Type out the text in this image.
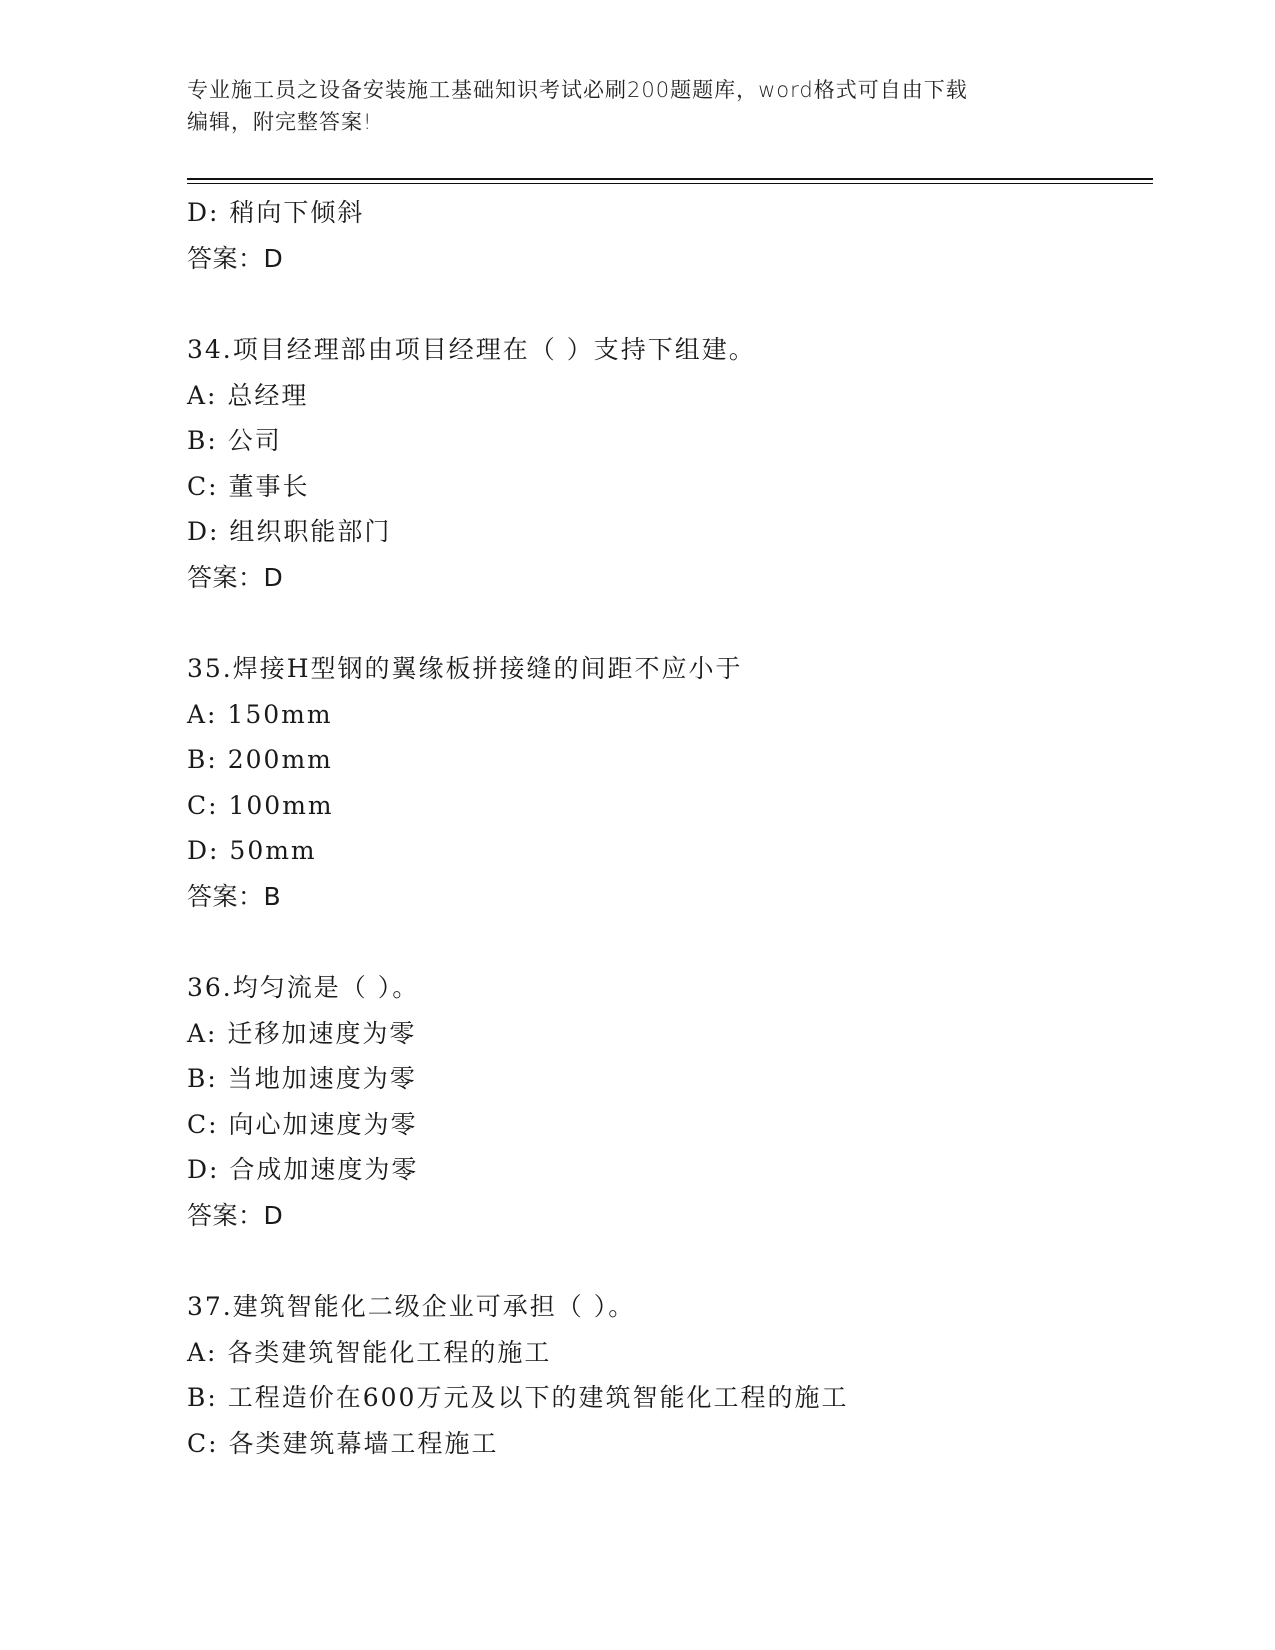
专业施工员之设备安装施工基础知识考试必刷200题题库，word格式可自由下载
编辑，附完整答案!
D: 稍向下倾斜
答案：D
34.项目经理部由项目经理在（ ）支持下组建。
A: 总经理
B: 公司
C: 董事长
D: 组织职能部门
答案：D
35.焊接H型钢的翼缘板拼接缝的间距不应小于
A: 150mm
B: 200mm
C: 100mm
D: 50mm
答案：B
36.均匀流是（ ）。
A: 迁移加速度为零
B: 当地加速度为零
C: 向心加速度为零
D: 合成加速度为零
答案：D
37.建筑智能化二级企业可承担（ ）。
A: 各类建筑智能化工程的施工
B: 工程造价在600万元及以下的建筑智能化工程的施工
C: 各类建筑幕墙工程施工
